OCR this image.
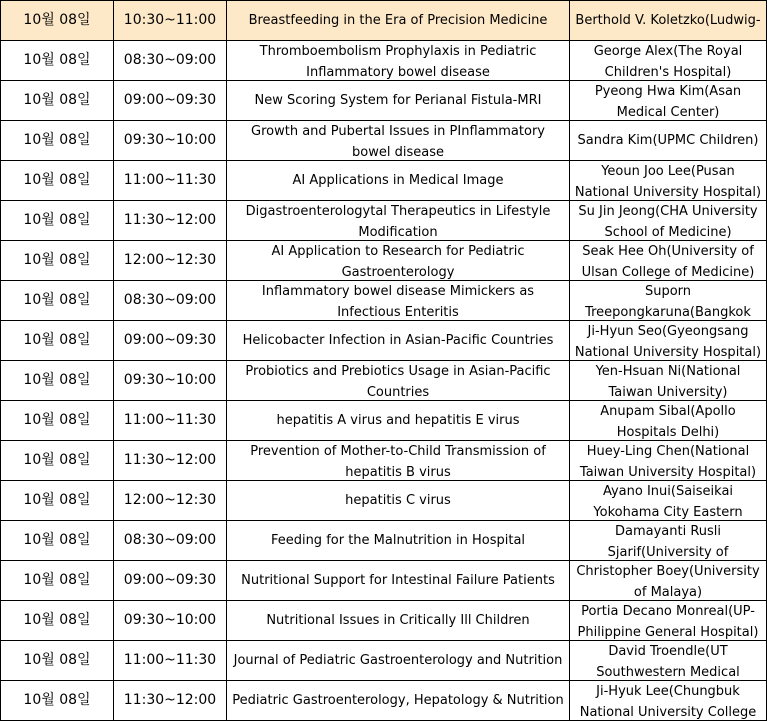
10월 08일	10:30~11:00	Breastfeeding in the Era of Precision Medicine	Berthold V. Koletzko(Ludwig-

10월 08일	08:30~09:00	Thromboembolism Prophylaxis in Pediatric Inflammatory bowel disease	George Alex(The Royal Children's Hospital)

10월 08일	09:00~09:30	New Scoring System for Perianal Fistula-MRI	Pyeong Hwa Kim(Asan Medical Center)

10월 08일	09:30~10:00	Growth and Pubertal Issues in PInflammatory bowel disease	Sandra Kim(UPMC Children)

10월 08일	11:00~11:30	AI Applications in Medical Image	Yeoun Joo Lee(Pusan National University Hospital)

10월 08일	11:30~12:00	Digastroenterologytal Therapeutics in Lifestyle Modification	Su Jin Jeong(CHA University School of Medicine)

10월 08일	12:00~12:30	AI Application to Research for Pediatric Gastroenterology	Seak Hee Oh(University of Ulsan College of Medicine)

10월 08일	08:30~09:00	Inflammatory bowel disease Mimickers as Infectious Enteritis	Suporn Treepongkaruna(Bangkok

10월 08일	09:00~09:30	Helicobacter Infection in Asian-Pacific Countries	Ji-Hyun Seo(Gyeongsang National University Hospital)

10월 08일	09:30~10:00	Probiotics and Prebiotics Usage in Asian-Pacific Countries	Yen-Hsuan Ni(National Taiwan University)

10월 08일	11:00~11:30	hepatitis A virus and hepatitis E virus	Anupam Sibal(Apollo Hospitals Delhi)

10월 08일	11:30~12:00	Prevention of Mother-to-Child Transmission of hepatitis B virus	Huey-Ling Chen(National Taiwan University Hospital)

10월 08일	12:00~12:30	hepatitis C virus	Ayano Inui(Saiseikai Yokohama City Eastern

10월 08일	08:30~09:00	Feeding for the Malnutrition in Hospital	Damayanti Rusli Sjarif(University of

10월 08일	09:00~09:30	Nutritional Support for Intestinal Failure Patients	Christopher Boey(University of Malaya)

10월 08일	09:30~10:00	Nutritional Issues in Critically Ill Children	Portia Decano Monreal(UP-Philippine General Hospital)

10월 08일	11:00~11:30	Journal of Pediatric Gastroenterology and Nutrition	David Troendle(UT Southwestern Medical

10월 08일	11:30~12:00	Pediatric Gastroenterology, Hepatology & Nutrition	Ji-Hyuk Lee(Chungbuk National University College
